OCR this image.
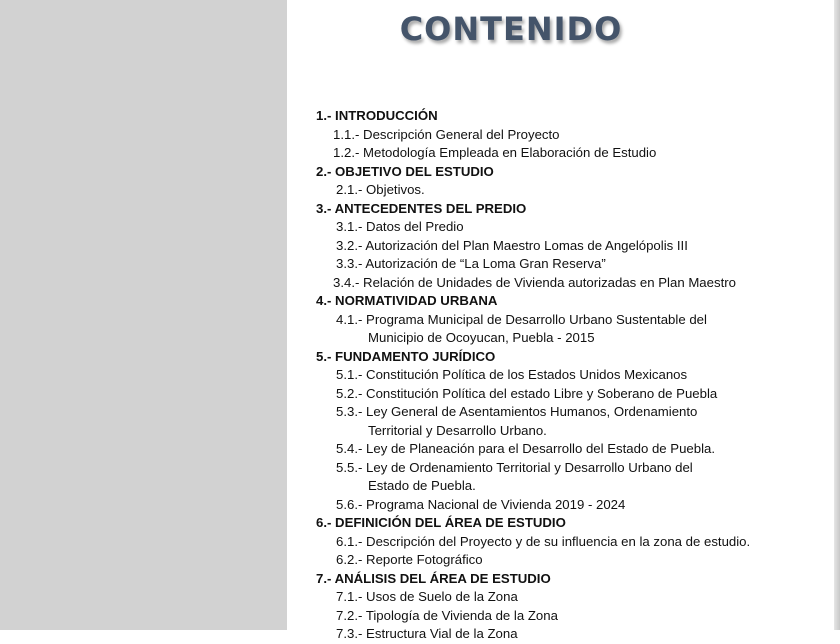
CONTENIDO
1.- INTRODUCCIÓN
1.1.- Descripción General del Proyecto
1.2.- Metodología Empleada en Elaboración de Estudio
2.- OBJETIVO DEL ESTUDIO
2.1.- Objetivos.
3.- ANTECEDENTES DEL PREDIO
3.1.- Datos del Predio
3.2.- Autorización del Plan Maestro Lomas de Angelópolis III
3.3.- Autorización de “La Loma Gran Reserva”
3.4.- Relación de Unidades de Vivienda autorizadas en Plan Maestro
4.- NORMATIVIDAD URBANA
4.1.- Programa Municipal de Desarrollo Urbano Sustentable del
Municipio de Ocoyucan, Puebla - 2015
5.- FUNDAMENTO JURÍDICO
5.1.- Constitución Política de los Estados Unidos Mexicanos
5.2.- Constitución Política del estado Libre y Soberano de Puebla
5.3.- Ley General de Asentamientos Humanos, Ordenamiento
Territorial y Desarrollo Urbano.
5.4.- Ley de Planeación para el Desarrollo del Estado de Puebla.
5.5.- Ley de Ordenamiento Territorial y Desarrollo Urbano del
Estado de Puebla.
5.6.- Programa Nacional de Vivienda 2019 - 2024
6.- DEFINICIÓN DEL ÁREA DE ESTUDIO
6.1.- Descripción del Proyecto y de su influencia en la zona de estudio.
6.2.- Reporte Fotográfico
7.- ANÁLISIS DEL ÁREA DE ESTUDIO
7.1.- Usos de Suelo de la Zona
7.2.- Tipología de Vivienda de la Zona
7.3.- Estructura Vial de la Zona
